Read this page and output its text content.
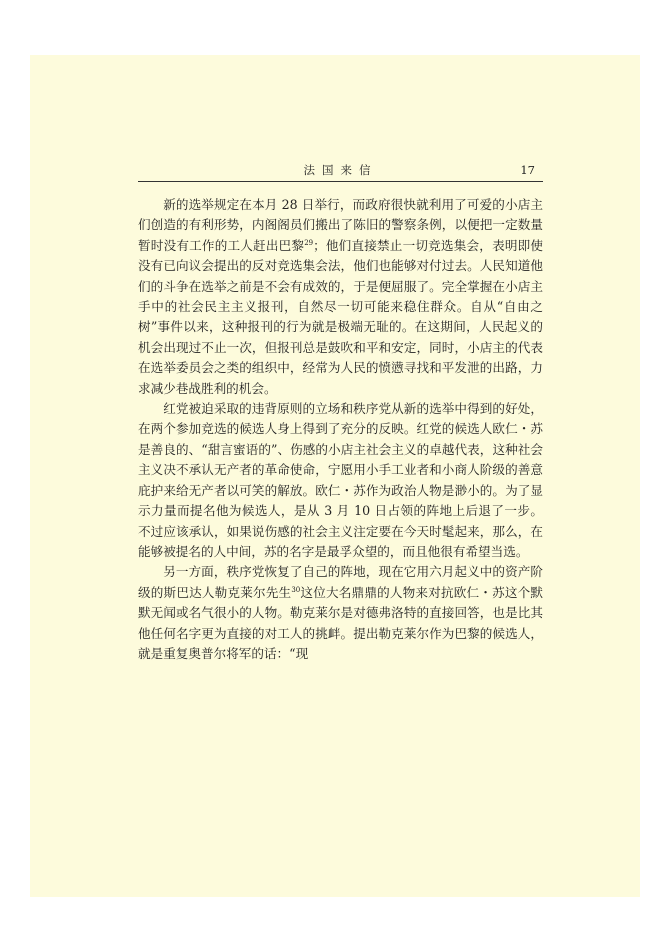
法国来信	17

新的选举规定在本月 28 日举行，而政府很快就利用了可爱的小店主们创造的有利形势，内阁阁员们搬出了陈旧的警察条例，以便把一定数量暂时没有工作的工人赶出巴黎$^{29}$；他们直接禁止一切竞选集会，表明即使没有已向议会提出的反对竞选集会法，他们也能够对付过去。人民知道他们的斗争在选举之前是不会有成效的，于是便屈服了。完全掌握在小店主手中的社会民主主义报刊，自然尽一切可能来稳住群众。自从“自由之树”事件以来，这种报刊的行为就是极端无耻的。在这期间，人民起义的机会出现过不止一次，但报刊总是鼓吹和平和安定，同时，小店主的代表在选举委员会之类的组织中，经常为人民的愤懑寻找和平发泄的出路，力求减少巷战胜利的机会。

红党被迫采取的违背原则的立场和秩序党从新的选举中得到的好处，在两个参加竞选的候选人身上得到了充分的反映。红党的候选人欧仁・苏是善良的、“甜言蜜语的”、伤感的小店主社会主义的卓越代表，这种社会主义决不承认无产者的革命使命，宁愿用小手工业者和小商人阶级的善意庇护来给无产者以可笑的解放。欧仁・苏作为政治人物是渺小的。为了显示力量而提名他为候选人，是从 3 月 10 日占领的阵地上后退了一步。不过应该承认，如果说伤感的社会主义注定要在今天时髦起来，那么，在能够被提名的人中间，苏的名字是最孚众望的，而且他很有希望当选。

另一方面，秩序党恢复了自己的阵地，现在它用六月起义中的资产阶级的斯巴达人勒克莱尔先生$^{30}$这位大名鼎鼎的人物来对抗欧仁・苏这个默默无闻或名气很小的人物。勒克莱尔是对德弗洛特的直接回答，也是比其他任何名字更为直接的对工人的挑衅。提出勒克莱尔作为巴黎的候选人，就是重复奥普尔将军的话：“现
